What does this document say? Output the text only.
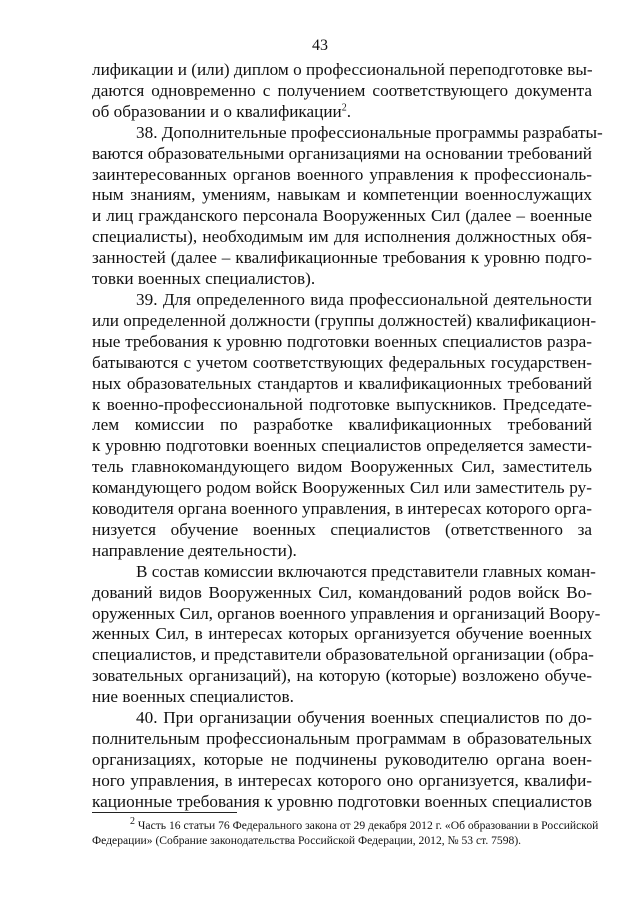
43

лификации и (или) диплом о профессиональной переподготовке вы-
даются одновременно с получением соответствующего документа
об образовании и о квалификации$^2$.

38. Дополнительные профессиональные программы разрабаты-
ваются образовательными организациями на основании требований
заинтересованных органов военного управления к профессиональ-
ным знаниям, умениям, навыкам и компетенции военнослужащих
и лиц гражданского персонала Вооруженных Сил (далее – военные
специалисты), необходимым им для исполнения должностных обя-
занностей (далее – квалификационные требования к уровню подго-
товки военных специалистов).

39. Для определенного вида профессиональной деятельности
или определенной должности (группы должностей) квалификацион-
ные требования к уровню подготовки военных специалистов разра-
батываются с учетом соответствующих федеральных государствен-
ных образовательных стандартов и квалификационных требований
к военно-профессиональной подготовке выпускников. Председате-
лем комиссии по разработке квалификационных требований
к уровню подготовки военных специалистов определяется замести-
тель главнокомандующего видом Вооруженных Сил, заместитель
командующего родом войск Вооруженных Сил или заместитель ру-
ководителя органа военного управления, в интересах которого орга-
низуется обучение военных специалистов (ответственного за
направление деятельности).

В состав комиссии включаются представители главных коман-
дований видов Вооруженных Сил, командований родов войск Во-
оруженных Сил, органов военного управления и организаций Воору-
женных Сил, в интересах которых организуется обучение военных
специалистов, и представители образовательной организации (обра-
зовательных организаций), на которую (которые) возложено обуче-
ние военных специалистов.

40. При организации обучения военных специалистов по до-
полнительным профессиональным программам в образовательных
организациях, которые не подчинены руководителю органа воен-
ного управления, в интересах которого оно организуется, квалифи-
кационные требования к уровню подготовки военных специалистов

$^2$ Часть 16 статьи 76 Федерального закона от 29 декабря 2012 г. «Об образовании в Российской
Федерации» (Собрание законодательства Российской Федерации, 2012, № 53 ст. 7598).
